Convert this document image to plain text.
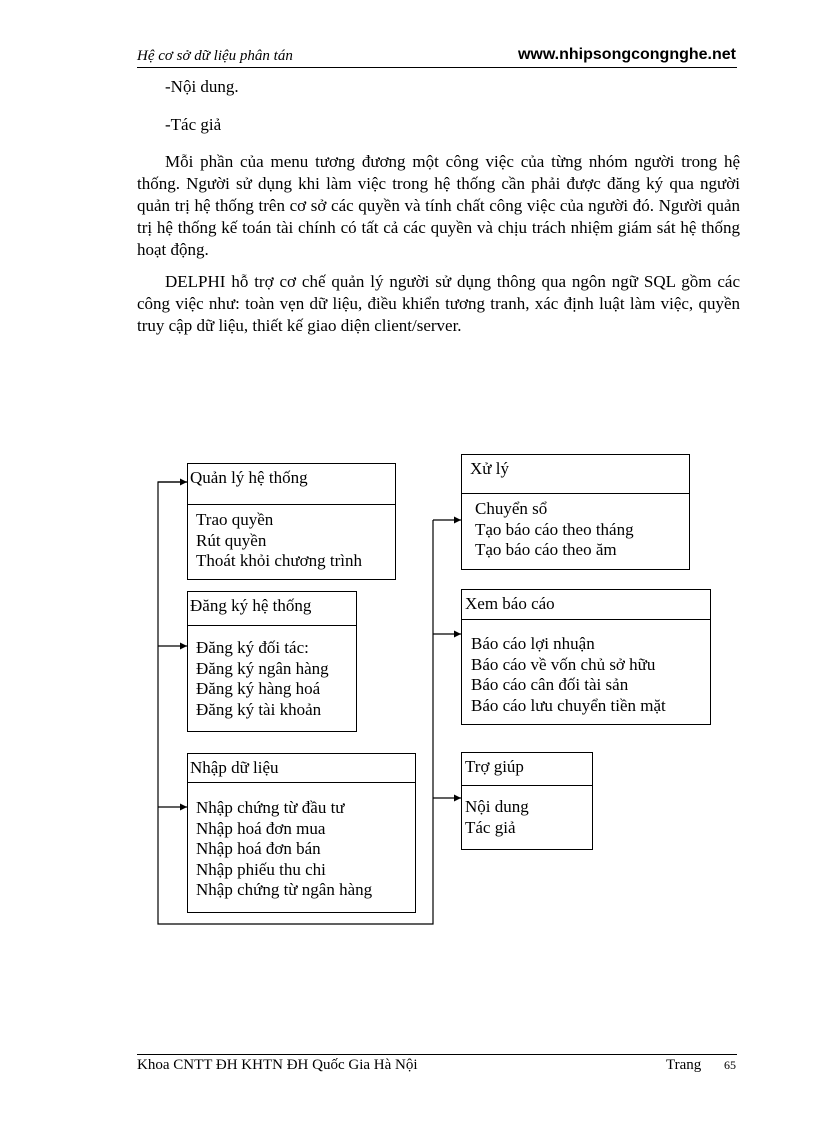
Hệ cơ sở dữ liệu phân tán	www.nhipsongcongnghe.net
-Nội dung.
-Tác giả

Mỗi phần của menu tương đương một công việc của từng nhóm người trong hệ thống. Người sử dụng khi làm việc trong hệ thống cần phải được đăng ký qua người quản trị hệ thống trên cơ sở các quyền và tính chất công việc của người đó. Người quản trị hệ thống kế toán tài chính có tất cả các quyền và chịu trách nhiệm giám sát hệ thống hoạt động.

DELPHI hỗ trợ cơ chế quản lý người sử dụng thông qua ngôn ngữ SQL gồm các công việc như: toàn vẹn dữ liệu, điều khiển tương tranh, xác định luật làm việc, quyền truy cập dữ liệu, thiết kế giao diện client/server.

Quản lý hệ thống
Trao quyền
Rút quyền
Thoát khỏi chương trình
Đăng ký hệ thống
Đăng ký đối tác:
Đăng ký ngân hàng
Đăng ký hàng hoá
Đăng ký tài khoản
Nhập dữ liệu
Nhập chứng từ đầu tư
Nhập hoá đơn mua
Nhập hoá đơn bán
Nhập phiếu thu chi
Nhập chứng từ ngân hàng
Xử lý
Chuyển sổ
Tạo báo cáo theo tháng
Tạo báo cáo theo ăm
Xem báo cáo
Báo cáo lợi nhuận
Báo cáo về vốn chủ sở hữu
Báo cáo cân đối tài sản
Báo cáo lưu chuyển tiền mặt
Trợ giúp
Nội dung
Tác giả
Khoa CNTT ĐH KHTN ĐH Quốc Gia Hà Nội	Trang 65
